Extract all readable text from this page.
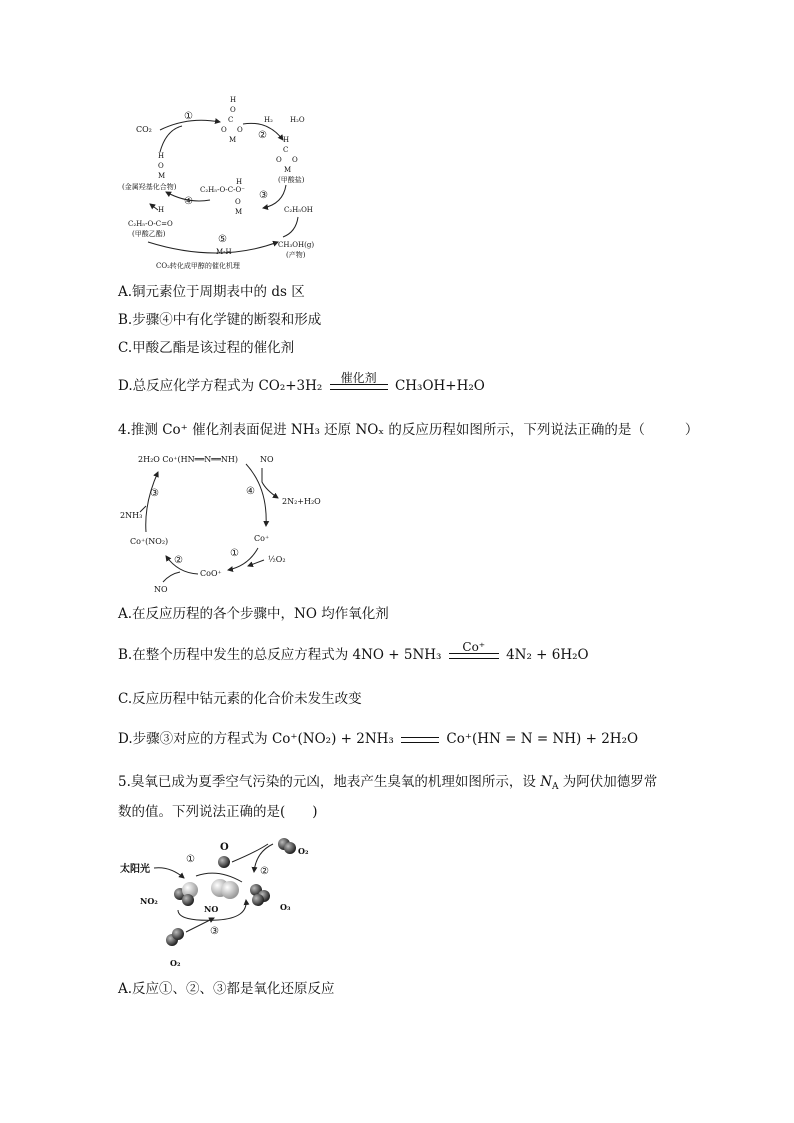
CO₂
①
H
O
C
O O
M ②
H₂ H₂O
H
C
O O
M
(甲酸盐)
③
C₂H₅-O-C-O⁻
H
O
M	C₂H₅OH
H
O
M
(金属羟基化合物)
④
H
C₂H₅-O-C=O
(甲酸乙酯)	⑤
M-H
CH₃OH(g)
(产物)
CO₂转化成甲醇的催化机理
A.铜元素位于周期表中的 ds 区
B.步骤④中有化学键的断裂和形成
C.甲酸乙酯是该过程的催化剂
D.总反应化学方程式为 CO₂+3H₂
催化剂
CH₃OH+H₂O
4.推测 Co⁺ 催化剂表面促进 NH₃ 还原 NOₓ 的反应历程如图所示，下列说法正确的是（	）
2H₂O Co⁺(HN══N══NH)	NO
④
2N₂+H₂O
Co⁺
①
½O₂
CoO⁺
②
NO
Co⁺(NO₂)
③
2NH₃
A.在反应历程的各个步骤中，NO 均作氧化剂
B.在整个历程中发生的总反应方程式为 4NO + 5NH₃
Co⁺
4N₂ + 6H₂O
C.反应历程中钴元素的化合价未发生改变
D.步骤③对应的方程式为 Co⁺(NO₂) + 2NH₃	Co⁺(HN = N = NH) + 2H₂O
5.臭氧已成为夏季空气污染的元凶，地表产生臭氧的机理如图所示，设 $N_A$ 为阿伏加德罗常
数的值。下列说法正确的是(　　)
太阳光
①
O	O₂
②
O₃
NO₂
NO
O₂
③
A.反应①、②、③都是氧化还原反应
